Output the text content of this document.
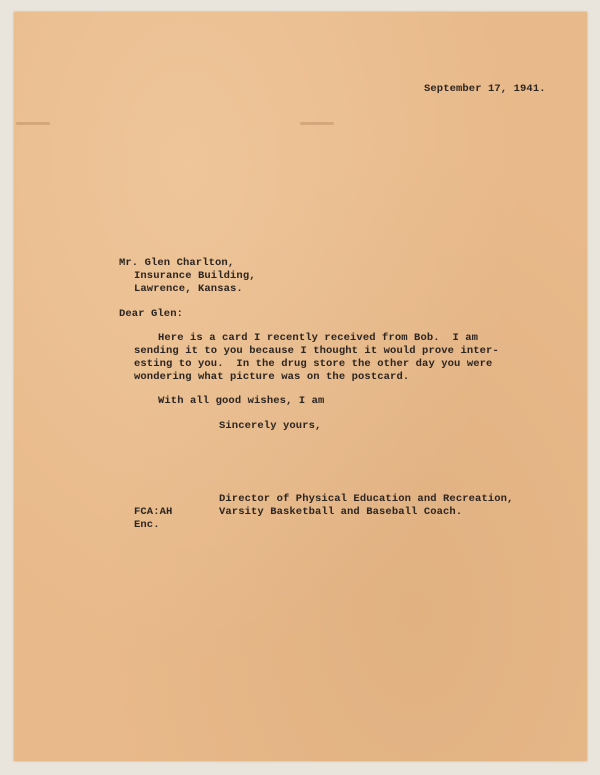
September 17, 1941.
Mr. Glen Charlton,
Insurance Building,
Lawrence, Kansas.
Dear Glen:
Here is a card I recently received from Bob.  I am
sending it to you because I thought it would prove inter-
esting to you.  In the drug store the other day you were
wondering what picture was on the postcard.
With all good wishes, I am
Sincerely yours,
Director of Physical Education and Recreation,
Varsity Basketball and Baseball Coach.
FCA:AH
Enc.
